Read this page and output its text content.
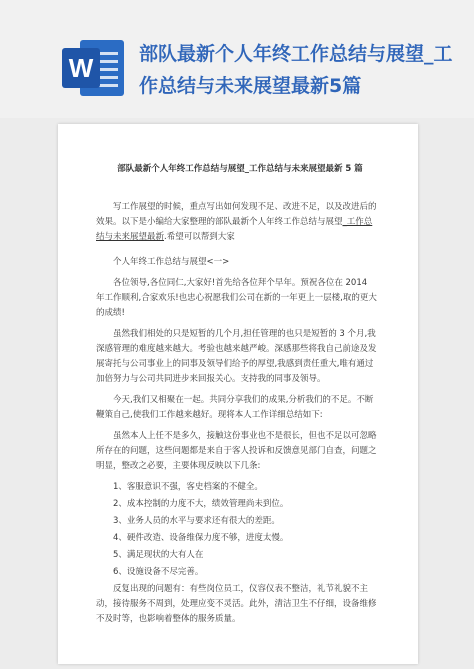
W	部队最新个人年终工作总结与展望_工作总结与未来展望最新5篇
部队最新个人年终工作总结与展望_工作总结与未来展望最新 5 篇

写工作展望的时候，重点写出如何发现不足、改进不足，以及改进后的效果。以下是小编给大家整理的部队最新个人年终工作总结与展望_工作总结与未来展望最新.希望可以帮到大家

个人年终工作总结与展望<一>

各位领导,各位同仁,大家好!首先给各位拜个早年。预祝各位在 2014 年工作顺利,合家欢乐!也忠心祝愿我们公司在新的一年更上一层楼,取的更大的成绩!

虽然我们相处的只是短暂的几个月,担任管理的也只是短暂的 3 个月,我深感管理的难度越来越大。考验也越来越严峻。深感那些将我自己前途及发展寄托与公司事业上的同事及领导们给予的厚望,我感到责任重大,唯有通过加倍努力与公司共同进步来回报关心。支持我的同事及领导。

今天,我们又相聚在一起。共同分享我们的成果,分析我们的不足。不断鞭策自己,使我们工作越来越好。现将本人工作详细总结如下:

虽然本人上任不是多久，接触这份事业也不是很长，但也不足以可忽略所存在的问题，这些问题都是来自于客人投诉和反馈意见部门自查，问题之明显，整改之必要，主要体现反映以下几条:

1、客服意识不强，客史档案的不健全。

2、成本控制的力度不大，绩效管理尚未到位。

3、业务人员的水平与要求还有很大的差距。

4、硬件改造、设备维保力度不够，进度太慢。

5、满足现状的大有人在

6、设施设备不尽完善。

反复出现的问题有：有些岗位员工，仪容仪表不整洁，礼节礼貌不主动，接待服务不周到，处理应变不灵活。此外，清洁卫生不仔细，设备维修不及时等，也影响着整体的服务质量。
